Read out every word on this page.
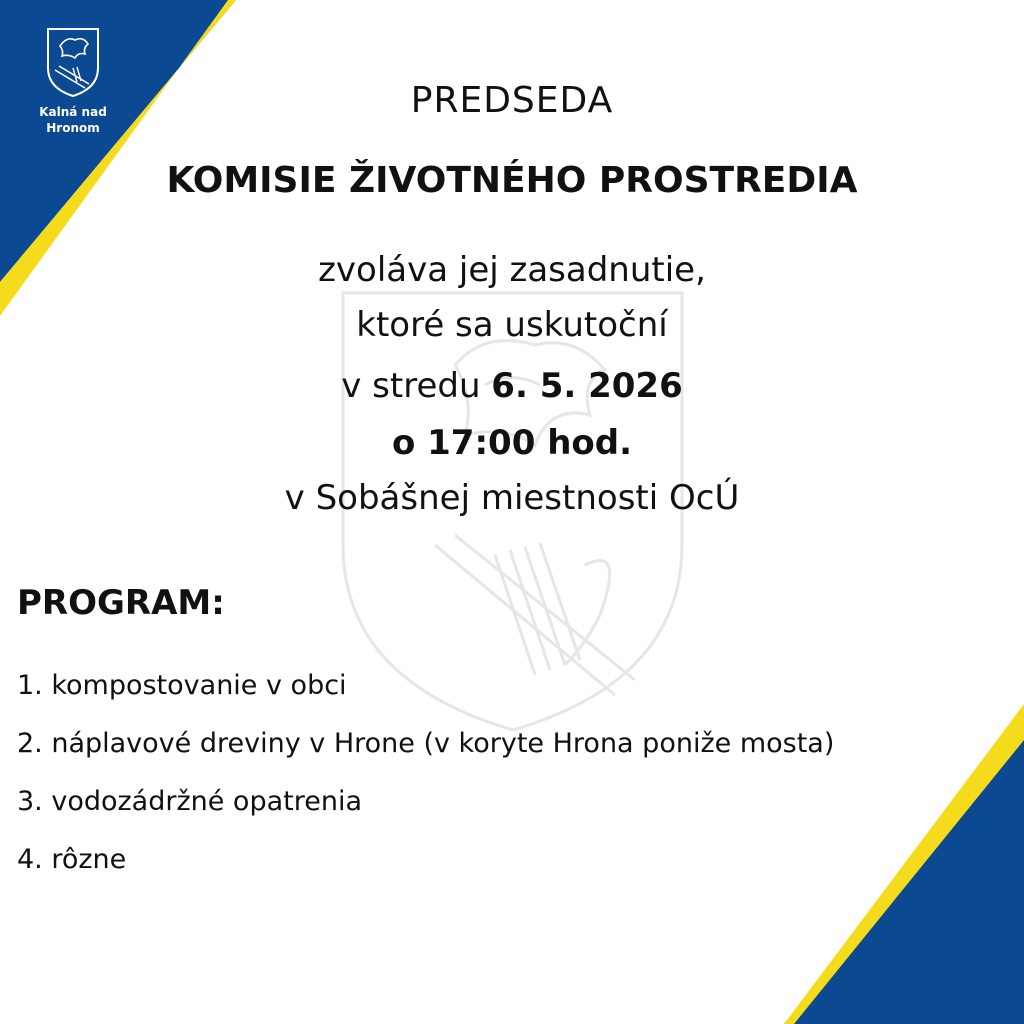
Kalná nad
Hronom
PREDSEDA
KOMISIE ŽIVOTNÉHO PROSTREDIA
zvoláva jej zasadnutie,
ktoré sa uskutoční
v stredu 6. 5. 2026
o 17:00 hod.
v Sobášnej miestnosti OcÚ
PROGRAM:
1. kompostovanie v obci
2. náplavové dreviny v Hrone (v koryte Hrona poniže mosta)
3. vodozádržné opatrenia
4. rôzne
